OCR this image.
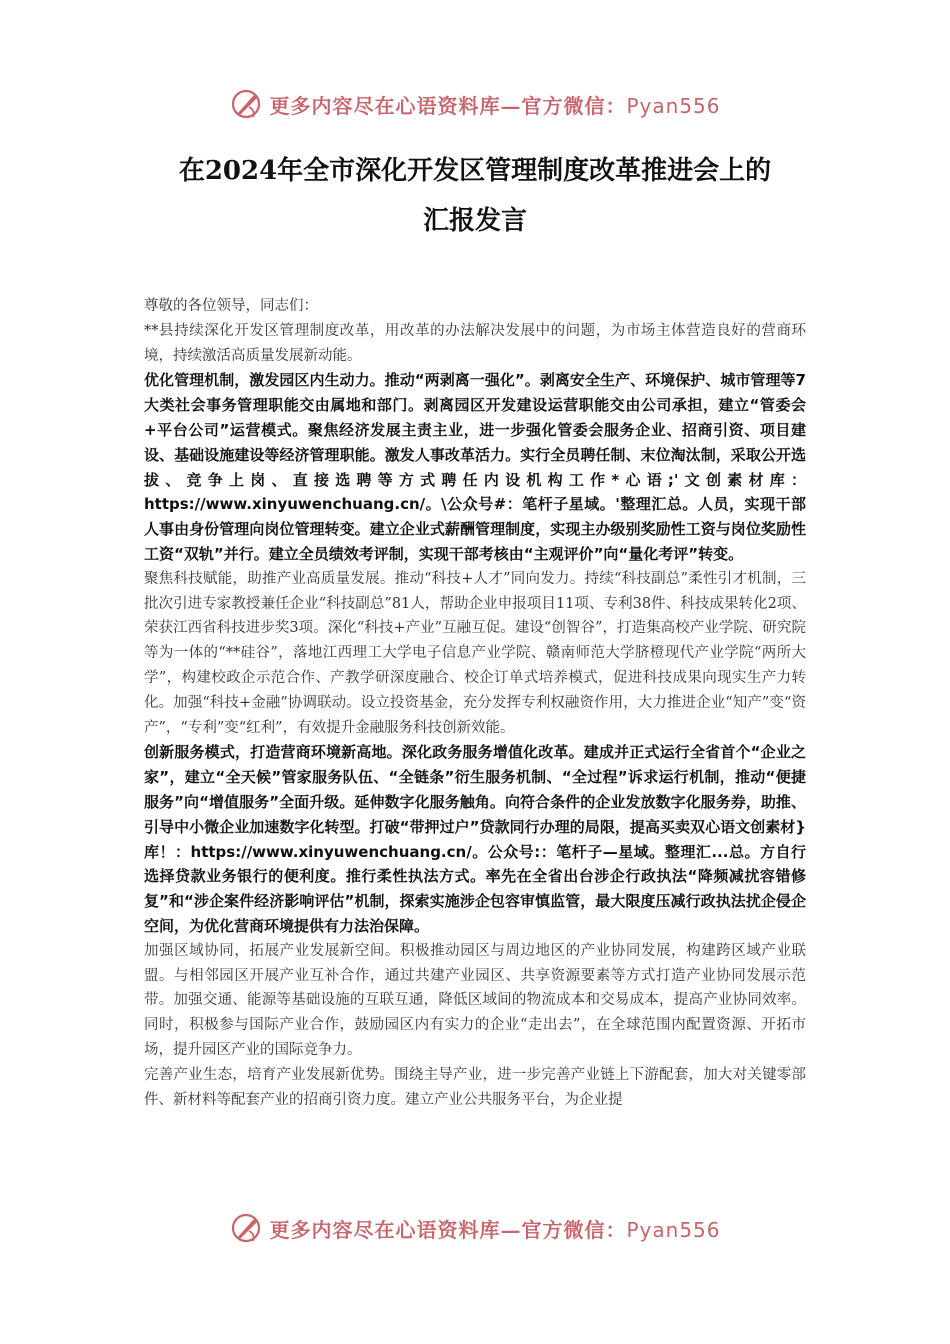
更多内容尽在心语资料库—官方微信：Pyan556
在2024年全市深化开发区管理制度改革推进会上的
汇报发言

尊敬的各位领导，同志们：

**县持续深化开发区管理制度改革，用改革的办法解决发展中的问题，为市场主体营造良好的营商环境，持续激活高质量发展新动能。

优化管理机制，激发园区内生动力。推动“两剥离一强化”。剥离安全生产、环境保护、城市管理等7大类社会事务管理职能交由属地和部门。剥离园区开发建设运营职能交由公司承担，建立“管委会+平台公司”运营模式。聚焦经济发展主责主业，进一步强化管委会服务企业、招商引资、项目建设、基础设施建设等经济管理职能。激发人事改革活力。实行全员聘任制、末位淘汰制，采取公开选拔、竞争上岗、直接选聘等方式聘任内设机构工作*心语;'文创素材库：https://www.xinyuwenchuang.cn/。\公众号#：笔杆子星域。'整理汇总。人员，实现干部人事由身份管理向岗位管理转变。建立企业式薪酬管理制度，实现主办级别奖励性工资与岗位奖励性工资“双轨”并行。建立全员绩效考评制，实现干部考核由“主观评价”向“量化考评”转变。

聚焦科技赋能，助推产业高质量发展。推动“科技+人才”同向发力。持续“科技副总”柔性引才机制，三批次引进专家教授兼任企业“科技副总”81人，帮助企业申报项目11项、专利38件、科技成果转化2项、荣获江西省科技进步奖3项。深化“科技+产业”互融互促。建设“创智谷”，打造集高校产业学院、研究院等为一体的“**硅谷”，落地江西理工大学电子信息产业学院、赣南师范大学脐橙现代产业学院“两所大学”，构建校政企示范合作、产教学研深度融合、校企订单式培养模式，促进科技成果向现实生产力转化。加强“科技+金融”协调联动。设立投资基金，充分发挥专利权融资作用，大力推进企业“知产”变“资产”，“专利”变“红利”，有效提升金融服务科技创新效能。

创新服务模式，打造营商环境新高地。深化政务服务增值化改革。建成并正式运行全省首个“企业之家”，建立“全天候”管家服务队伍、“全链条”衍生服务机制、“全过程”诉求运行机制，推动“便捷服务”向“增值服务”全面升级。延伸数字化服务触角。向符合条件的企业发放数字化服务券，助推、引导中小微企业加速数字化转型。打破“带押过户”贷款同行办理的局限，提高买卖双心语文创素材}库！：https://www.xinyuwenchuang.cn/。公众号:：笔杆子—星域。整理汇...总。方自行选择贷款业务银行的便利度。推行柔性执法方式。率先在全省出台涉企行政执法“降频减扰容错修复”和“涉企案件经济影响评估”机制，探索实施涉企包容审慎监管，最大限度压减行政执法扰企侵企空间，为优化营商环境提供有力法治保障。

加强区域协同，拓展产业发展新空间。积极推动园区与周边地区的产业协同发展，构建跨区域产业联盟。与相邻园区开展产业互补合作，通过共建产业园区、共享资源要素等方式打造产业协同发展示范带。加强交通、能源等基础设施的互联互通，降低区域间的物流成本和交易成本，提高产业协同效率。同时，积极参与国际产业合作，鼓励园区内有实力的企业“走出去”，在全球范围内配置资源、开拓市场，提升园区产业的国际竞争力。

完善产业生态，培育产业发展新优势。围绕主导产业，进一步完善产业链上下游配套，加大对关键零部件、新材料等配套产业的招商引资力度。建立产业公共服务平台，为企业提

更多内容尽在心语资料库—官方微信：Pyan556
